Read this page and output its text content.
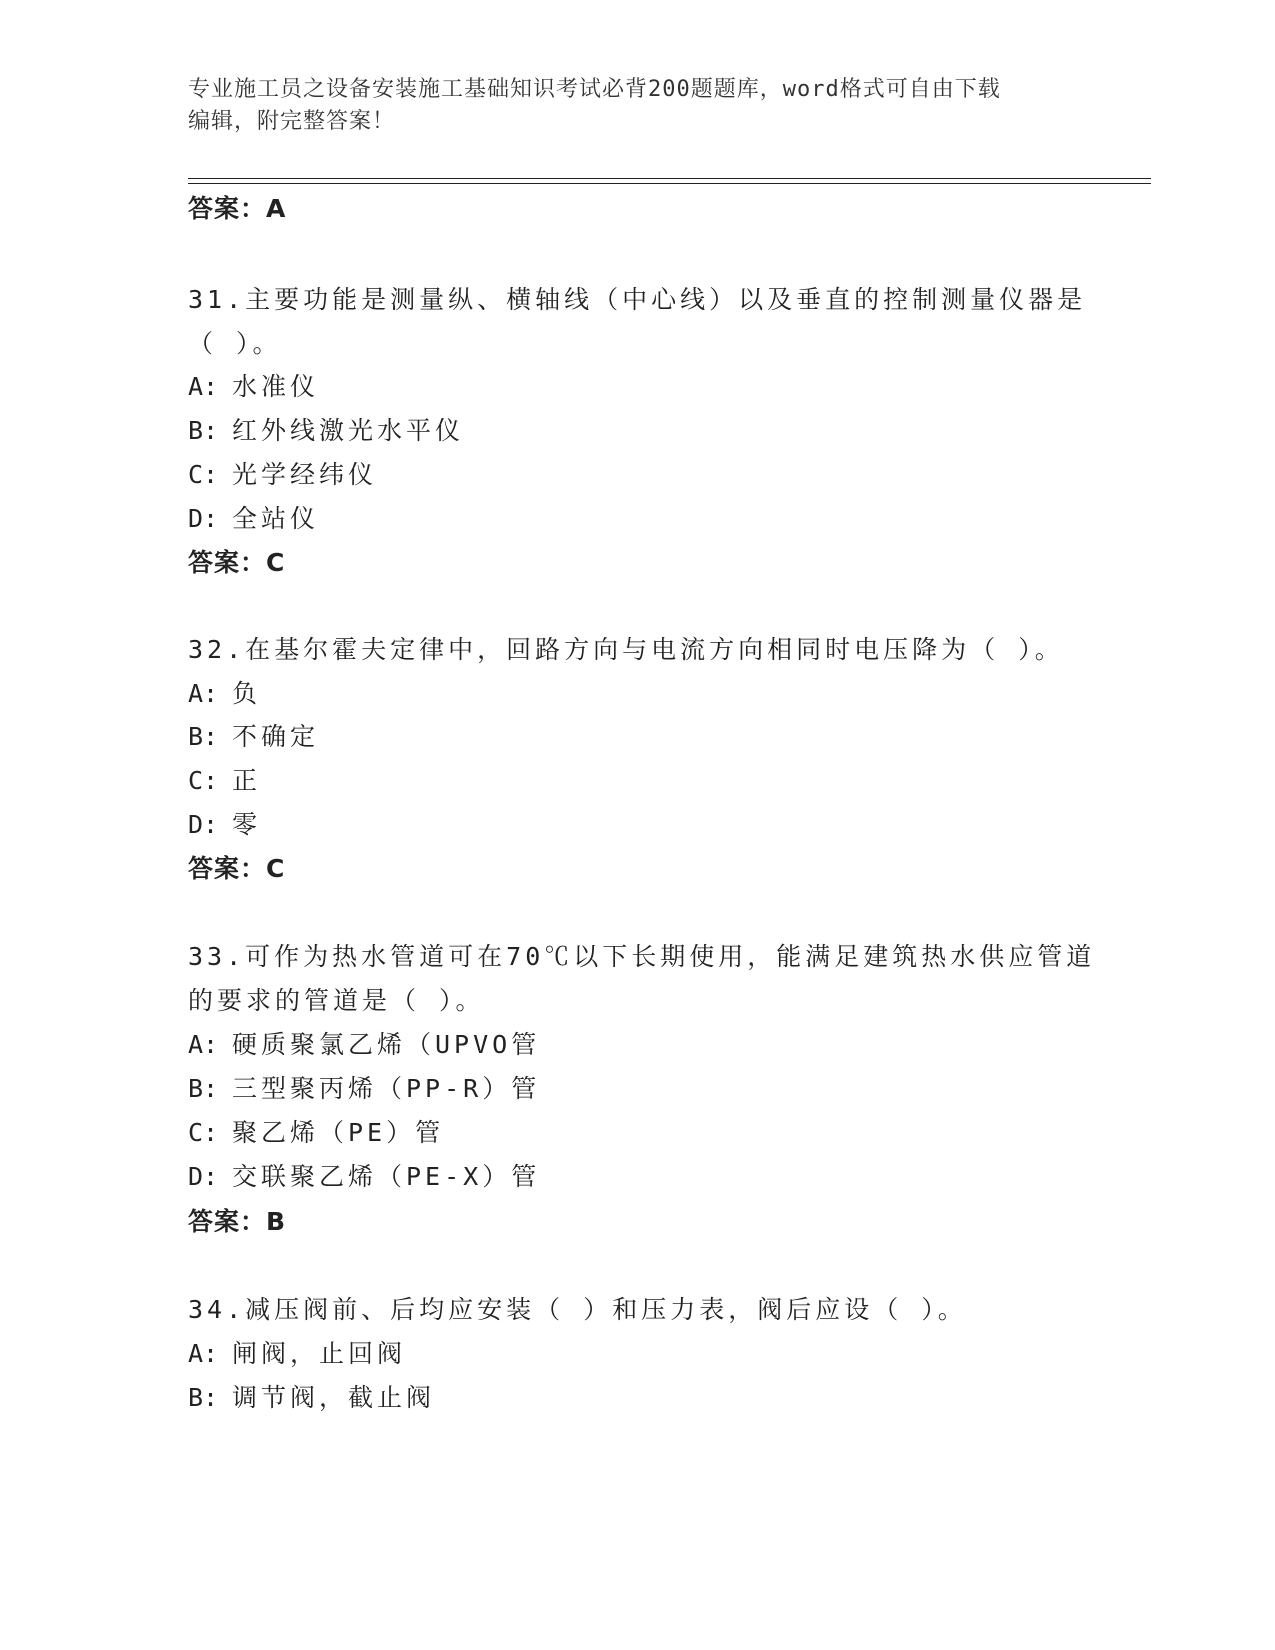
专业施工员之设备安装施工基础知识考试必背200题题库，word格式可自由下载
编辑，附完整答案！
答案：A
31.主要功能是测量纵、横轴线（中心线）以及垂直的控制测量仪器是
（ ）。
A: 水准仪
B: 红外线激光水平仪
C: 光学经纬仪
D: 全站仪
答案：C
32.在基尔霍夫定律中，回路方向与电流方向相同时电压降为（ ）。
A: 负
B: 不确定
C: 正
D: 零
答案：C
33.可作为热水管道可在70℃以下长期使用，能满足建筑热水供应管道
的要求的管道是（ ）。
A: 硬质聚氯乙烯（UPVO管
B: 三型聚丙烯（PP-R）管
C: 聚乙烯（PE）管
D: 交联聚乙烯（PE-X）管
答案：B
34.减压阀前、后均应安装（ ）和压力表，阀后应设（ ）。
A: 闸阀，止回阀
B: 调节阀，截止阀
